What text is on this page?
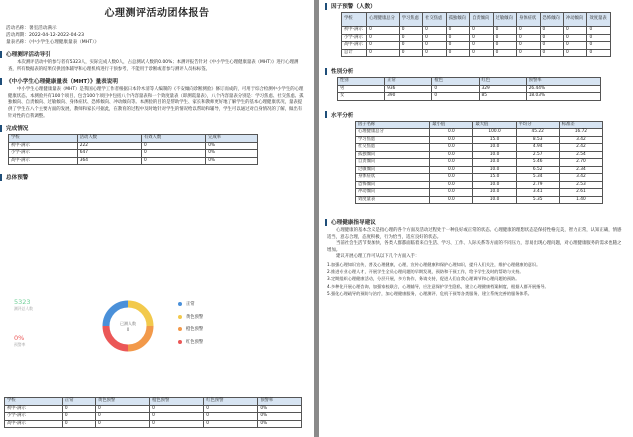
心理测评活动团体报告
活动名称：暑室活动满示
活动周期：2022-04-12-2022-04-23
量表名称：《中小学生心理健康量表（MHT）》
心理测评活动导引

本次测评活动中的参与者有5323人，实际完成人数0人，占总测试人数的0.00%；本测评报告针对《中小学生心理健康量表（MHT）》进行心理测查，所有数据表的结果仅供团体辅导和心理机构进行干预参考，不能用于诊断或者参与测评人员标标签。

《中小学生心理健康量表（MHT）》量表说明

中小学生心理健康量表（MHT）是我国心理学工作者根据日本铃木清等人编制的《不安倾向诊断测验》修订而成的，可用于综合检测中小学生的心理健康状态。本测验共有100个项目，包含100个项目中包括八个内容量表和一个效度量表（即测谎量表），八个内容量表分别是：学习焦虑、社交焦虑、孤独倾向、自责倾向、过敏倾向、身体症状、恐怖倾向、冲动倾向等。本测验的目的是帮助学生、家长和教师更好地了解学生的基本心理健康状况，量表提供了学生在八个主要方面的发展，教师和家长可据此，在教育的过程中及时地针对学生的情况给以帮助和辅导，学生可以通过对自身情况的了解，做出有针对性的自我调整。

完成情况
学校	活动人数	有效人数	完成率
初中-满示	222	0	0%
小学-满示	647	0	0%
高中-满示	364	0	0%
总体预警
5323
测评总人数
0%
预警率
已测人数
0
正常
黄色预警
橙色预警
红色预警
学校	正常	黄色预警	橙色预警	红色预警	预警率
初中-满示	0	0	0	0	0%
小学-满示	0	0	0	0	0%
高中-满示	0	0	0	0	0%
因子预警（人数）
学校	心理健康总分	学习焦虑	社交焦虑	孤独倾向	自责倾向	过敏倾向	身体症状	恐怖倾向	冲动倾向	效度量表
初中-满示	0	0	0	0	0	0	0	0	0	0
小学-满示	0	0	0	0	0	0	0	0	0	0
高中-满示	0	0	0	0	0	0	0	0	0	0
总计	0	0	0	0	0	0	0	0	0	0
性别分析
性别	正常	橙色	红色	预警率
男	936	0	329	26.44%
女	390	0	85	18.03%
水平分析
因子名称	最小值	最大值	平均分	标准差
心理健康总分	0.0	100.0	45.22	16.72
学习焦虑	0.0	15.0	8.53	3.42
社交焦虑	0.0	10.0	4.94	2.42
孤独倾向	0.0	10.0	2.57	2.54
自责倾向	0.0	10.0	5.46	2.70
过敏倾向	0.0	10.0	6.52	2.34
身体症状	0.0	15.0	5.34	3.42
恐怖倾向	0.0	10.0	2.79	2.53
冲动倾向	0.0	10.0	3.41	2.61
效度量表	0.0	10.0	5.35	1.40
心理健康指导建议

心理健康的基本含义是指心理的各个方面及活动过程处于一种良好或正常的状态。心理健康的理想状态是保持性格完美，智力正常，认知正确，情感适当，意志合理，态度积极，行为恰当，适应良好的状态。

当前社会生活节奏加快，各类人群都面临着来自生活、学习、工作、人际关系等方面的不同压力，容易出现心理问题，对心理健康服务的需求也随之增加。

建议开展心理工作可从以下几个方面入手：

1.加强心理知识宣传，普及心理健康，心理，宣传心理健康和保护心理知识，提升人们关注，维护心理健康的意识。
2.推进专业心理人才，开展学生全员心理问题的早期发现，预防和干预工作，给予学生及时的帮助与支持。
3.定期组织心理健康活动，分层开展，多方协作，务请支持，促进人们自我心理调节和心理问题的预防。
4.多种化开展心理咨询，加强家校联合，心理辅导，应注意保护学生隐私，建立心理健康档案制度，根据人群开展指导。
5.强化心理疏导的预防与治疗，加心理健康服务，心理测评、危机干预等各类服务，建立系统完善的服务体系。
